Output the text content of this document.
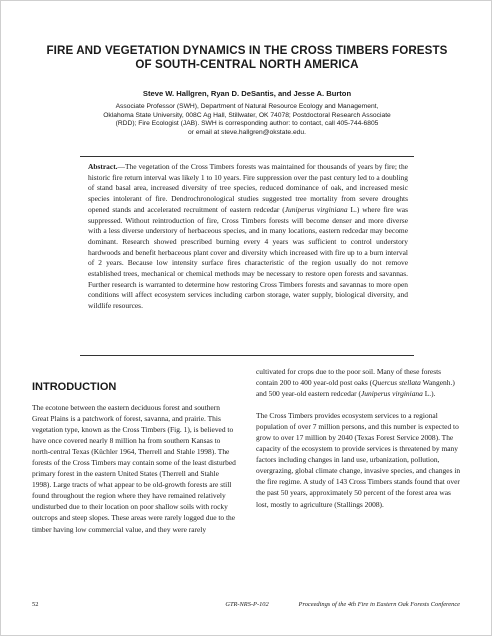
FIRE AND VEGETATION DYNAMICS IN THE CROSS TIMBERS FORESTS
OF SOUTH-CENTRAL NORTH AMERICA
Steve W. Hallgren, Ryan D. DeSantis, and Jesse A. Burton
Associate Professor (SWH), Department of Natural Resource Ecology and Management,
Oklahoma State University, 008C Ag Hall, Stillwater, OK 74078; Postdoctoral Research Associate
(RDD); Fire Ecologist (JAB). SWH is corresponding author: to contact, call 405-744-6805
or email at steve.hallgren@okstate.edu.
Abstract.—The vegetation of the Cross Timbers forests was maintained for thousands of years by fire; the historic fire return interval was likely 1 to 10 years. Fire suppression over the past century led to a doubling of stand basal area, increased diversity of tree species, reduced dominance of oak, and increased mesic species intolerant of fire. Dendrochronological studies suggested tree mortality from severe droughts opened stands and accelerated recruitment of eastern redcedar (Juniperus virginiana L.) where fire was suppressed. Without reintroduction of fire, Cross Timbers forests will become denser and more diverse with a less diverse understory of herbaceous species, and in many locations, eastern redcedar may become dominant. Research showed prescribed burning every 4 years was sufficient to control understory hardwoods and benefit herbaceous plant cover and diversity which increased with fire up to a burn interval of 2 years. Because low intensity surface fires characteristic of the region usually do not remove established trees, mechanical or chemical methods may be necessary to restore open forests and savannas. Further research is warranted to determine how restoring Cross Timbers forests and savannas to more open conditions will affect ecosystem services including carbon storage, water supply, biological diversity, and wildlife resources.
INTRODUCTION

The ecotone between the eastern deciduous forest and southern Great Plains is a patchwork of forest, savanna, and prairie. This vegetation type, known as the Cross Timbers (Fig. 1), is believed to have once covered nearly 8 million ha from southern Kansas to north-central Texas (Küchler 1964, Therrell and Stahle 1998). The forests of the Cross Timbers may contain some of the least disturbed primary forest in the eastern United States (Therrell and Stahle 1998). Large tracts of what appear to be old-growth forests are still found throughout the region where they have remained relatively undisturbed due to their location on poor shallow soils with rocky outcrops and steep slopes. These areas were rarely logged due to the timber having low commercial value, and they were rarely

cultivated for crops due to the poor soil. Many of these forests contain 200 to 400 year-old post oaks (Quercus stellata Wangenh.) and 500 year-old eastern redcedar (Juniperus virginiana L.).

The Cross Timbers provides ecosystem services to a regional population of over 7 million persons, and this number is expected to grow to over 17 million by 2040 (Texas Forest Service 2008). The capacity of the ecosystem to provide services is threatened by many factors including changes in land use, urbanization, pollution, overgrazing, global climate change, invasive species, and changes in the fire regime. A study of 143 Cross Timbers stands found that over the past 50 years, approximately 50 percent of the forest area was lost, mostly to agriculture (Stallings 2008).

52	GTR-NRS-P-102	Proceedings of the 4th Fire in Eastern Oak Forests Conference
